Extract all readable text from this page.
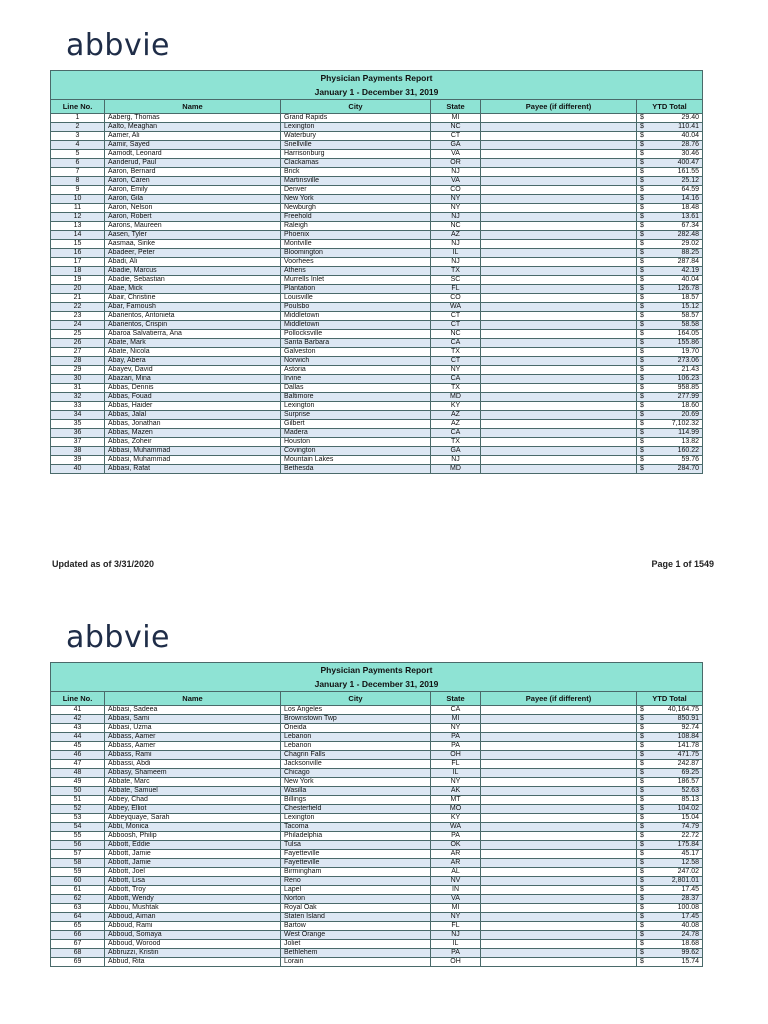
abbvie
Physician Payments Report					
January 1 - December 31, 2019					
Line No.	Name	City	State	Payee (if different)	YTD Total
1	Aaberg, Thomas	Grand Rapids	MI		$ 29.40

2	Aalto, Meaghan	Lexington	NC		$ 110.41

3	Aamer, Ali	Waterbury	CT		$ 40.04

4	Aamir, Sayed	Snellville	GA		$ 28.76

5	Aamodt, Leonard	Harrisonburg	VA		$ 30.46

6	Aanderud, Paul	Clackamas	OR		$ 400.47

7	Aaron, Bernard	Brick	NJ		$ 161.55

8	Aaron, Caren	Martinsville	VA		$ 25.12

9	Aaron, Emily	Denver	CO		$ 64.59

10	Aaron, Gila	New York	NY		$ 14.16

11	Aaron, Nelson	Newburgh	NY		$ 18.48

12	Aaron, Robert	Freehold	NJ		$ 13.61

13	Aarons, Maureen	Raleigh	NC		$ 67.34

14	Aasen, Tyler	Phoenix	AZ		$ 282.48

15	Aasmaa, Sirike	Montville	NJ		$ 29.02

16	Abadeer, Peter	Bloomington	IL		$ 88.25

17	Abadi, Ali	Voorhees	NJ		$ 287.84

18	Abadie, Marcus	Athens	TX		$ 42.19

19	Abadie, Sebastian	Murrells Inlet	SC		$ 40.04

20	Abae, Mick	Plantation	FL		$ 126.78

21	Abair, Christine	Louisville	CO		$ 18.57

22	Abar, Farnoush	Poulsbo	WA		$ 15.12

23	Abarientos, Antonieta	Middletown	CT		$ 58.57

24	Abarientos, Crispin	Middletown	CT		$ 58.58

25	Abaroa Salvatierra, Ana	Pollocksville	NC		$ 164.05

26	Abate, Mark	Santa Barbara	CA		$ 155.86

27	Abate, Nicola	Galveston	TX		$ 19.70

28	Abay, Abera	Norwich	CT		$ 273.06

29	Abayev, David	Astoria	NY		$ 21.43

30	Abazari, Mina	Irvine	CA		$ 106.23

31	Abbas, Dennis	Dallas	TX		$ 958.85

32	Abbas, Fouad	Baltimore	MD		$ 277.99

33	Abbas, Haider	Lexington	KY		$ 18.60

34	Abbas, Jalal	Surprise	AZ		$ 20.69

35	Abbas, Jonathan	Gilbert	AZ		$ 7,102.32

36	Abbas, Mazen	Madera	CA		$ 114.99

37	Abbas, Zoheir	Houston	TX		$ 13.82

38	Abbasi, Muhammad	Covington	GA		$ 160.22

39	Abbasi, Muhammad	Mountain Lakes	NJ		$ 59.76

40	Abbasi, Rafat	Bethesda	MD		$ 284.70
Updated as of 3/31/2020	Page 1 of 1549
abbvie
Physician Payments Report					
January 1 - December 31, 2019					
Line No.	Name	City	State	Payee (if different)	YTD Total
41	Abbasi, Sadeea	Los Angeles	CA		$ 40,164.75

42	Abbasi, Sami	Brownstown Twp	MI		$ 850.91

43	Abbasi, Uzma	Oneida	NY		$ 92.74

44	Abbass, Aamer	Lebanon	PA		$ 108.84

45	Abbass, Aamer	Lebanon	PA		$ 141.78

46	Abbass, Rami	Chagrin Falls	OH		$ 471.75

47	Abbassi, Abdi	Jacksonville	FL		$ 242.87

48	Abbasy, Shameem	Chicago	IL		$ 69.25

49	Abbate, Marc	New York	NY		$ 186.57

50	Abbate, Samuel	Wasilla	AK		$ 52.63

51	Abbey, Chad	Billings	MT		$ 85.13

52	Abbey, Elliot	Chesterfield	MO		$ 104.02

53	Abbeyquaye, Sarah	Lexington	KY		$ 15.04

54	Abbi, Monica	Tacoma	WA		$ 74.79

55	Abboosh, Philip	Philadelphia	PA		$ 22.72

56	Abbott, Eddie	Tulsa	OK		$ 175.84

57	Abbott, Jamie	Fayetteville	AR		$ 45.17

58	Abbott, Jamie	Fayetteville	AR		$ 12.58

59	Abbott, Joel	Birmingham	AL		$ 247.02

60	Abbott, Lisa	Reno	NV		$ 2,801.01

61	Abbott, Troy	Lapel	IN		$ 17.45

62	Abbott, Wendy	Norton	VA		$ 28.37

63	Abbou, Mushtak	Royal Oak	MI		$ 100.08

64	Abboud, Aiman	Staten Island	NY		$ 17.45

65	Abboud, Rami	Bartow	FL		$ 40.08

66	Abboud, Somaya	West Orange	NJ		$ 24.78

67	Abboud, Worood	Joliet	IL		$ 18.68

68	Abbruzzi, Kristin	Bethlehem	PA		$ 99.62

69	Abbud, Rita	Lorain	OH		$ 15.74
